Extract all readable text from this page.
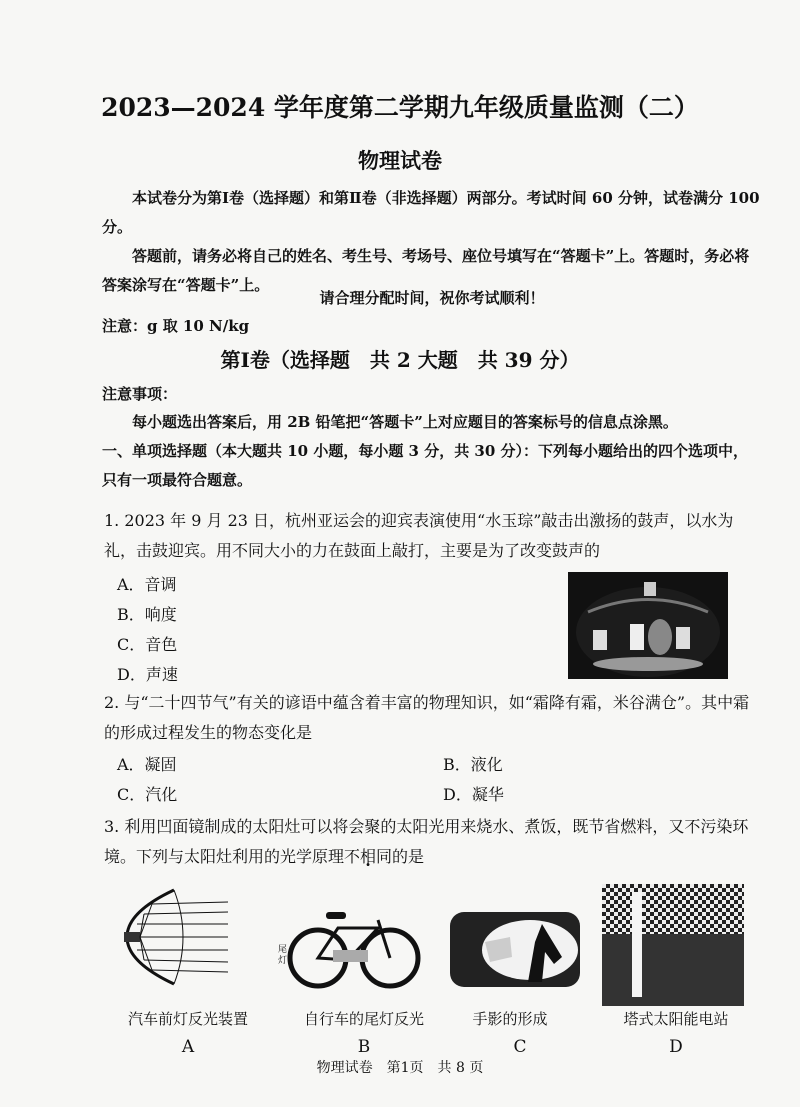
2023—2024 学年度第二学期九年级质量监测（二）
物理试卷
本试卷分为第Ⅰ卷（选择题）和第Ⅱ卷（非选择题）两部分。考试时间 60 分钟，试卷满分 100 分。
答题前，请务必将自己的姓名、考生号、考场号、座位号填写在“答题卡”上。答题时，务必将答案涂写在“答题卡”上。
请合理分配时间，祝你考试顺利！
注意：g 取 10 N/kg
第Ⅰ卷（选择题　共 2 大题　共 39 分）
注意事项：
每小题选出答案后，用 2B 铅笔把“答题卡”上对应题目的答案标号的信息点涂黑。
一、单项选择题（本大题共 10 小题，每小题 3 分，共 30 分）：下列每小题给出的四个选项中，只有一项最符合题意。
1. 2023 年 9 月 23 日，杭州亚运会的迎宾表演使用“水玉琮”敲击出激扬的鼓声，以水为礼，击鼓迎宾。用不同大小的力在鼓面上敲打，主要是为了改变鼓声的
A．音调
B．响度
C．音色
D．声速
2. 与“二十四节气”有关的谚语中蕴含着丰富的物理知识，如“霜降有霜，米谷满仓”。其中霜的形成过程发生的物态变化是
A．凝固	B．液化
C．汽化	D．凝华
3. 利用凹面镜制成的太阳灶可以将会聚的太阳光用来烧水、煮饭，既节省燃料，又不污染环境。下列与太阳灶利用的光学原理不相同的是
尾
灯
汽车前灯反光装置	自行车的尾灯反光	手影的形成	塔式太阳能电站
A	B	C	D
物理试卷　第1页　共 8 页
